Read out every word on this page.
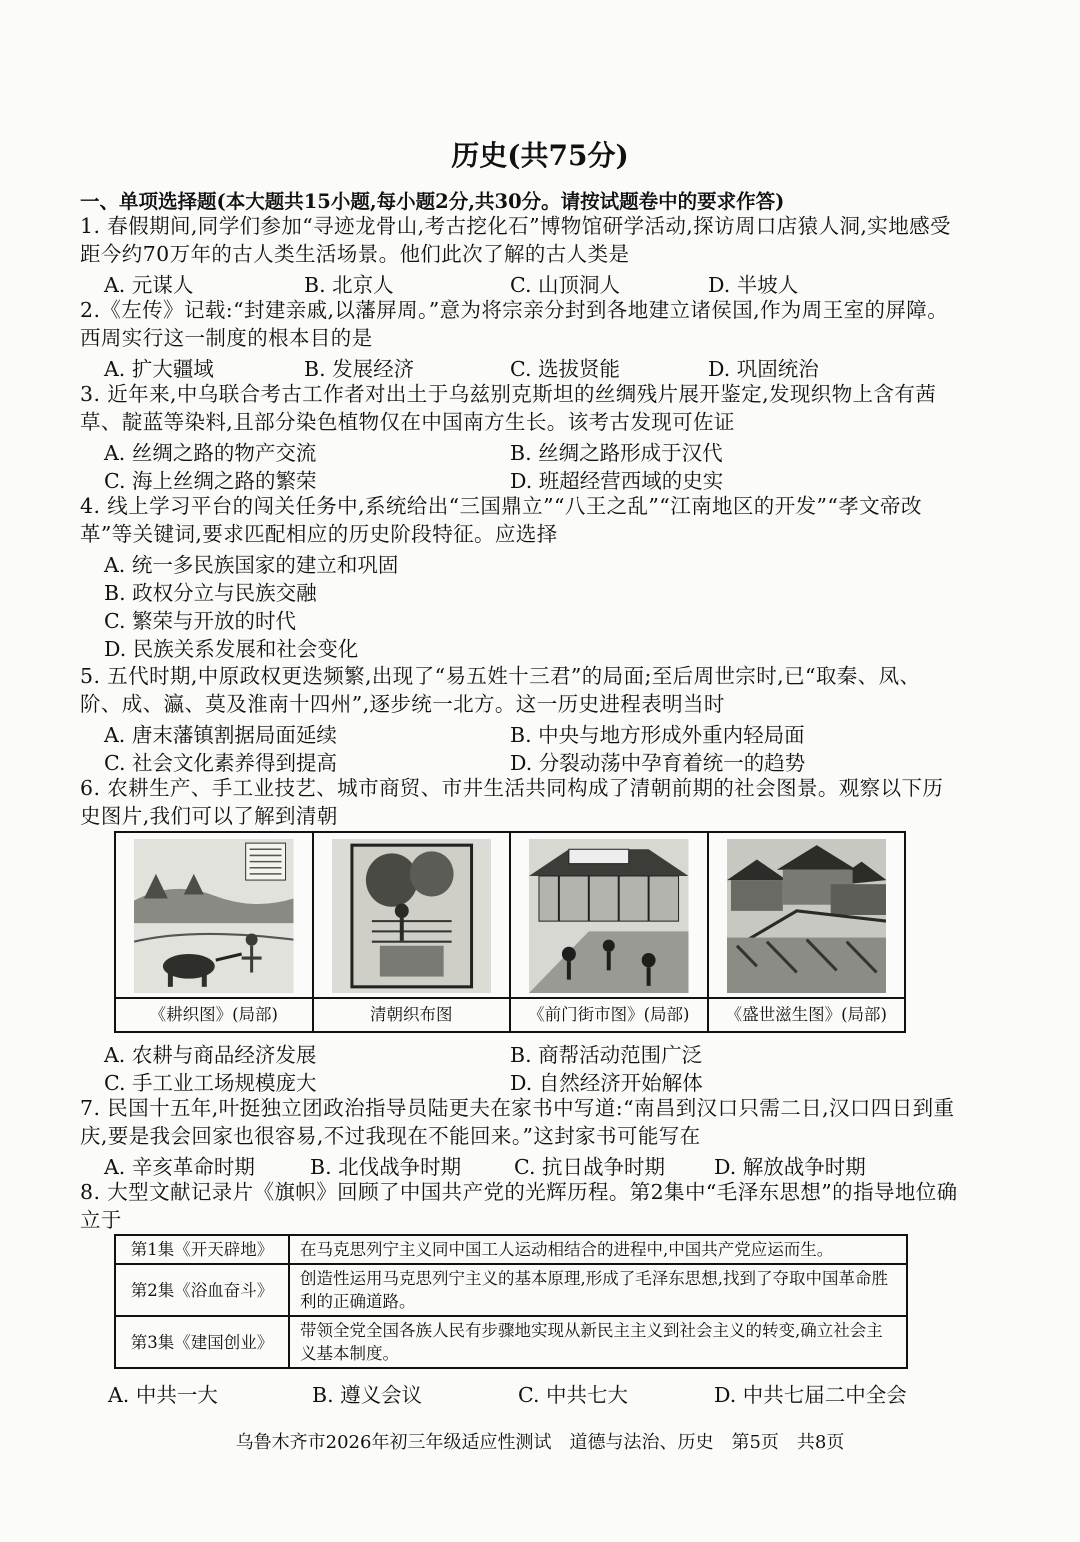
历史(共75分)
一、单项选择题(本大题共15小题,每小题2分,共30分。请按试题卷中的要求作答)
1. 春假期间,同学们参加“寻迹龙骨山,考古挖化石”博物馆研学活动,探访周口店猿人洞,实地感受距今约70万年的古人类生活场景。他们此次了解的古人类是
A. 元谋人	B. 北京人	C. 山顶洞人	D. 半坡人
2.《左传》记载:“封建亲戚,以藩屏周。”意为将宗亲分封到各地建立诸侯国,作为周王室的屏障。西周实行这一制度的根本目的是
A. 扩大疆域	B. 发展经济	C. 选拔贤能	D. 巩固统治
3. 近年来,中乌联合考古工作者对出土于乌兹别克斯坦的丝绸残片展开鉴定,发现织物上含有茜草、靛蓝等染料,且部分染色植物仅在中国南方生长。该考古发现可佐证
A. 丝绸之路的物产交流	B. 丝绸之路形成于汉代
C. 海上丝绸之路的繁荣	D. 班超经营西域的史实
4. 线上学习平台的闯关任务中,系统给出“三国鼎立”“八王之乱”“江南地区的开发”“孝文帝改革”等关键词,要求匹配相应的历史阶段特征。应选择
A. 统一多民族国家的建立和巩固
B. 政权分立与民族交融
C. 繁荣与开放的时代
D. 民族关系发展和社会变化
5. 五代时期,中原政权更迭频繁,出现了“易五姓十三君”的局面;至后周世宗时,已“取秦、凤、阶、成、瀛、莫及淮南十四州”,逐步统一北方。这一历史进程表明当时
A. 唐末藩镇割据局面延续	B. 中央与地方形成外重内轻局面
C. 社会文化素养得到提高	D. 分裂动荡中孕育着统一的趋势
6. 农耕生产、手工业技艺、城市商贸、市井生活共同构成了清朝前期的社会图景。观察以下历史图片,我们可以了解到清朝
《耕织图》(局部)	清朝织布图	《前门街市图》(局部)	《盛世滋生图》(局部)
A. 农耕与商品经济发展	B. 商帮活动范围广泛
C. 手工业工场规模庞大	D. 自然经济开始解体
7. 民国十五年,叶挺独立团政治指导员陆更夫在家书中写道:“南昌到汉口只需二日,汉口四日到重庆,要是我会回家也很容易,不过我现在不能回来。”这封家书可能写在
A. 辛亥革命时期	B. 北伐战争时期	C. 抗日战争时期 D. 解放战争时期
8. 大型文献记录片《旗帜》回顾了中国共产党的光辉历程。第2集中“毛泽东思想”的指导地位确立于
第1集《开天辟地》	在马克思列宁主义同中国工人运动相结合的进程中,中国共产党应运而生。
第2集《浴血奋斗》	创造性运用马克思列宁主义的基本原理,形成了毛泽东思想,找到了夺取中国革命胜利的正确道路。
第3集《建国创业》	带领全党全国各族人民有步骤地实现从新民主主义到社会主义的转变,确立社会主义基本制度。
A. 中共一大	B. 遵义会议	C. 中共七大	D. 中共七届二中全会
乌鲁木齐市2026年初三年级适应性测试　道德与法治、历史　第5页　共8页
